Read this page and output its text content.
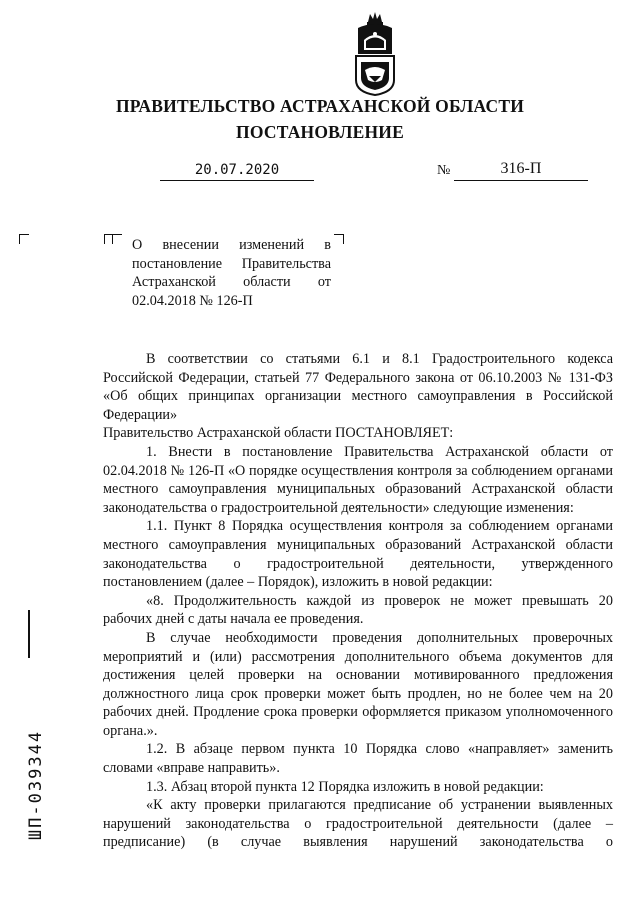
ПРАВИТЕЛЬСТВО АСТРАХАНСКОЙ ОБЛАСТИ
ПОСТАНОВЛЕНИЕ
20.07.2020	№	316-П
О внесении изменений в
постановление Правительства
Астраханской области от
02.04.2018 № 126-П

В соответствии со статьями 6.1 и 8.1 Градостроительного кодекса Российской Федерации, статьей 77 Федерального закона от 06.10.2003 № 131-ФЗ «Об общих принципах организации местного самоуправления в Российской Федерации»

Правительство Астраханской области ПОСТАНОВЛЯЕТ:

1. Внести в постановление Правительства Астраханской области от 02.04.2018 № 126-П «О порядке осуществления контроля за соблюдением органами местного самоуправления муниципальных образований Астраханской области законодательства о градостроительной деятельности» следующие изменения:

1.1. Пункт 8 Порядка осуществления контроля за соблюдением органами местного самоуправления муниципальных образований Астраханской области законодательства о градостроительной деятельности, утвержденного постановлением (далее – Порядок), изложить в новой редакции:

«8. Продолжительность каждой из проверок не может превышать 20 рабочих дней с даты начала ее проведения.

В случае необходимости проведения дополнительных проверочных мероприятий и (или) рассмотрения дополнительного объема документов для достижения целей проверки на основании мотивированного предложения должностного лица срок проверки может быть продлен, но не более чем на 20 рабочих дней. Продление срока проверки оформляется приказом уполномоченного органа.».

1.2. В абзаце первом пункта 10 Порядка слово «направляет» заменить словами «вправе направить».

1.3. Абзац второй пункта 12 Порядка изложить в новой редакции:

«К акту проверки прилагаются предписание об устранении выявленных нарушений законодательства о градостроительной деятельности (далее – предписание) (в случае выявления нарушений законодательства о

ШП-039344
